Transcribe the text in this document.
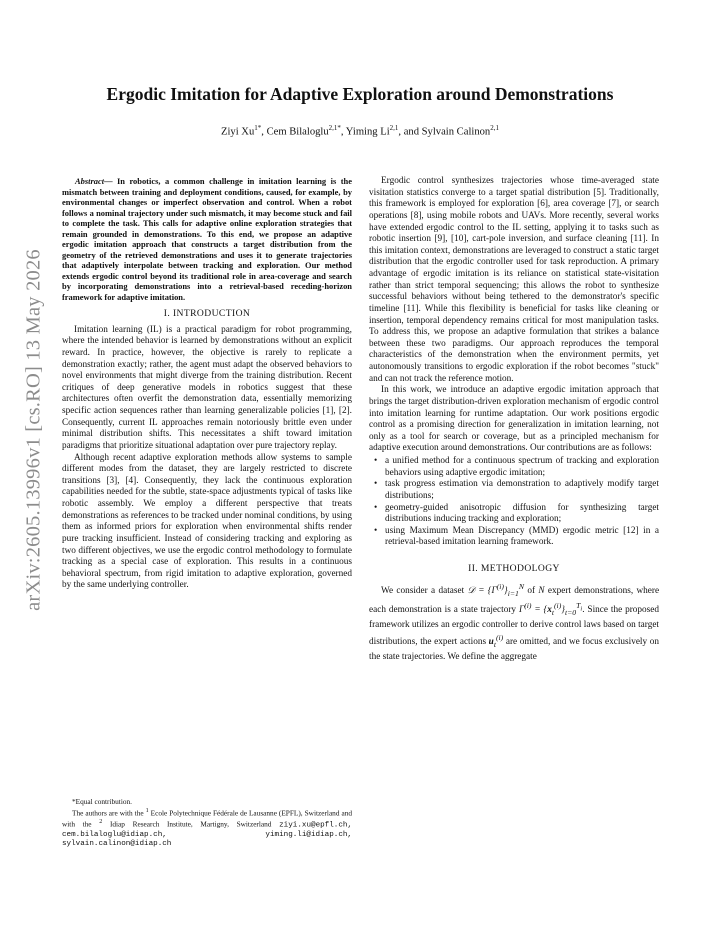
arXiv:2605.13996v1 [cs.RO] 13 May 2026
Ergodic Imitation for Adaptive Exploration around Demonstrations
Ziyi $Xu^{1*}$, Cem Bilaloglu$^{2,1*}$, Yiming Li$^{2,1}$, and Sylvain Calinon$^{2,1}$

Abstract— In robotics, a common challenge in imitation learning is the mismatch between training and deployment conditions, caused, for example, by environmental changes or imperfect observation and control. When a robot follows a nominal trajectory under such mismatch, it may become stuck and fail to complete the task. This calls for adaptive online exploration strategies that remain grounded in demonstrations. To this end, we propose an adaptive ergodic imitation approach that constructs a target distribution from the geometry of the retrieved demonstrations and uses it to generate trajectories that adaptively interpolate between tracking and exploration. Our method extends ergodic control beyond its traditional role in area-coverage and search by incorporating demonstrations into a retrieval-based receding-horizon framework for adaptive imitation.

I. INTRODUCTION

Imitation learning (IL) is a practical paradigm for robot programming, where the intended behavior is learned by demonstrations without an explicit reward. In practice, however, the objective is rarely to replicate a demonstration exactly; rather, the agent must adapt the observed behaviors to novel environments that might diverge from the training distribution. Recent critiques of deep generative models in robotics suggest that these architectures often overfit the demonstration data, essentially memorizing specific action sequences rather than learning generalizable policies [1], [2]. Consequently, current IL approaches remain notoriously brittle even under minimal distribution shifts. This necessitates a shift toward imitation paradigms that prioritize situational adaptation over pure trajectory replay.

Although recent adaptive exploration methods allow systems to sample different modes from the dataset, they are largely restricted to discrete transitions [3], [4]. Consequently, they lack the continuous exploration capabilities needed for the subtle, state-space adjustments typical of tasks like robotic assembly. We employ a different perspective that treats demonstrations as references to be tracked under nominal conditions, by using them as informed priors for exploration when environmental shifts render pure tracking insufficient. Instead of considering tracking and exploring as two different objectives, we use the ergodic control methodology to formulate tracking as a special case of exploration. This results in a continuous behavioral spectrum, from rigid imitation to adaptive exploration, governed by the same underlying controller.

Ergodic control synthesizes trajectories whose time-averaged state visitation statistics converge to a target spatial distribution [5]. Traditionally, this framework is employed for exploration [6], area coverage [7], or search operations [8], using mobile robots and UAVs. More recently, several works have extended ergodic control to the IL setting, applying it to tasks such as robotic insertion [9], [10], cart-pole inversion, and surface cleaning [11]. In this imitation context, demonstrations are leveraged to construct a static target distribution that the ergodic controller used for task reproduction. A primary advantage of ergodic imitation is its reliance on statistical state-visitation rather than strict temporal sequencing; this allows the robot to synthesize successful behaviors without being tethered to the demonstrator's specific timeline [11]. While this flexibility is beneficial for tasks like cleaning or insertion, temporal dependency remains critical for most manipulation tasks. To address this, we propose an adaptive formulation that strikes a balance between these two paradigms. Our approach reproduces the temporal characteristics of the demonstration when the environment permits, yet autonomously transitions to ergodic exploration if the robot becomes "stuck" and can not track the reference motion.

In this work, we introduce an adaptive ergodic imitation approach that brings the target distribution-driven exploration mechanism of ergodic control into imitation learning for runtime adaptation. Our work positions ergodic control as a promising direction for generalization in imitation learning, not only as a tool for search or coverage, but as a principled mechanism for adaptive execution around demonstrations. Our contributions are as follows:

• a unified method for a continuous spectrum of tracking and exploration behaviors using adaptive ergodic imitation;
• task progress estimation via demonstration to adaptively modify target distributions;
• geometry-guided anisotropic diffusion for synthesizing target distributions inducing tracking and exploration;
• using Maximum Mean Discrepancy (MMD) ergodic metric [12] in a retrieval-based imitation learning framework.
II. METHODOLOGY

We consider a dataset 𝒟 = $\{\Gamma^{(i)}\}_{i=1}^N$ of N expert demonstrations, where each demonstration is a state trajectory $\Gamma^{(i)} = \{x_t^{(i)}\}_{t=0}^{T_i}$. Since the proposed framework utilizes an ergodic controller to derive control laws based on target distributions, the expert actions $u_t^{(i)}$ are omitted, and we focus exclusively on the state trajectories. We define the aggregate

*Equal contribution.

The authors are with the $^1$ Ecole Polytechnique Fédérale de Lausanne (EPFL), Switzerland and with the $^2$ Idiap Research Institute, Martigny, Switzerland ziyi.xu@epfl.ch, cem.bilaloglu@idiap.ch,	yiming.li@idiap.ch, sylvain.calinon@idiap.ch
